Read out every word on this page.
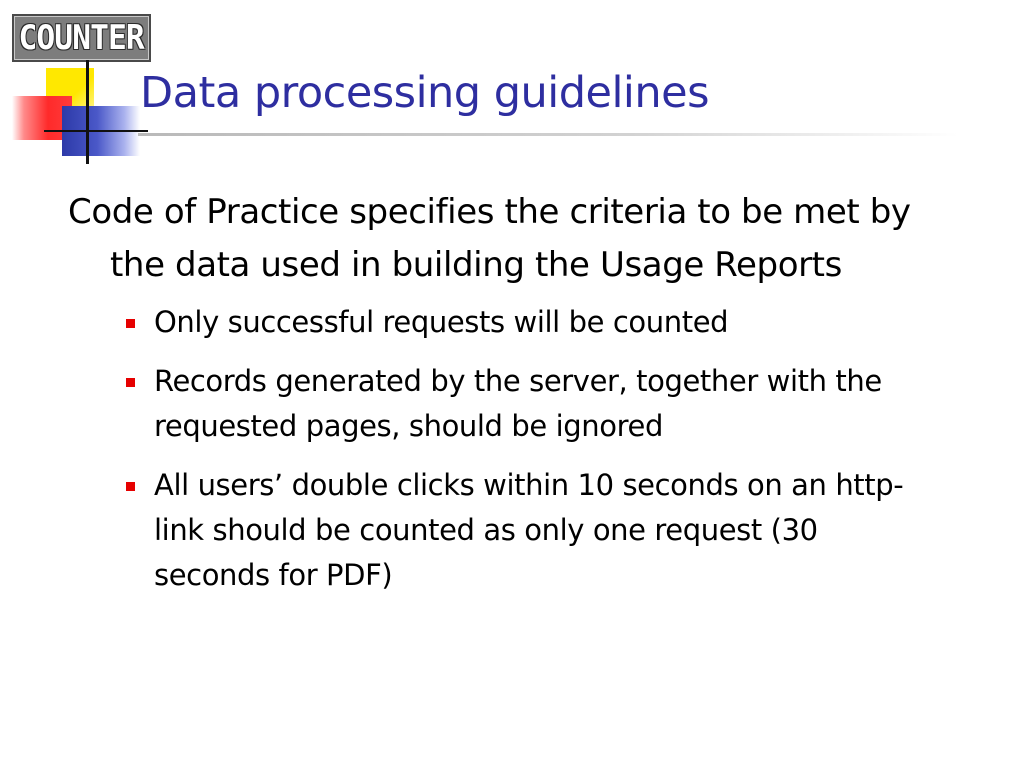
COUNTER
Data processing guidelines

Code of Practice specifies the criteria to be met by the data used in building the Usage Reports

Only successful requests will be counted
Records generated by the server, together with the requested pages, should be ignored
All users’ double clicks within 10 seconds on an http-link should be counted as only one request (30 seconds for PDF)
